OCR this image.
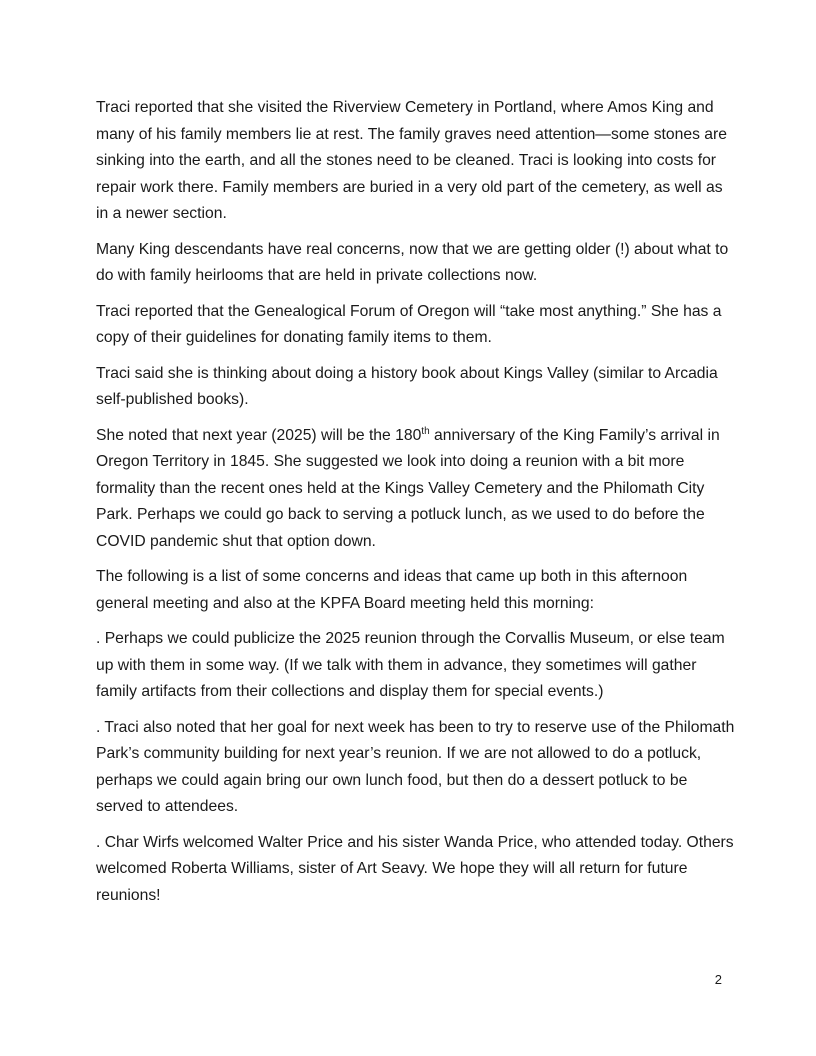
Traci reported that she visited the Riverview Cemetery in Portland, where Amos King and many of his family members lie at rest. The family graves need attention—some stones are sinking into the earth, and all the stones need to be cleaned. Traci is looking into costs for repair work there. Family members are buried in a very old part of the cemetery, as well as in a newer section.

Many King descendants have real concerns, now that we are getting older (!) about what to do with family heirlooms that are held in private collections now.

Traci reported that the Genealogical Forum of Oregon will “take most anything.” She has a copy of their guidelines for donating family items to them.

Traci said she is thinking about doing a history book about Kings Valley (similar to Arcadia self-published books).

She noted that next year (2025) will be the 180th anniversary of the King Family’s arrival in Oregon Territory in 1845. She suggested we look into doing a reunion with a bit more formality than the recent ones held at the Kings Valley Cemetery and the Philomath City Park. Perhaps we could go back to serving a potluck lunch, as we used to do before the COVID pandemic shut that option down.

The following is a list of some concerns and ideas that came up both in this afternoon general meeting and also at the KPFA Board meeting held this morning:

. Perhaps we could publicize the 2025 reunion through the Corvallis Museum, or else team up with them in some way. (If we talk with them in advance, they sometimes will gather family artifacts from their collections and display them for special events.)

. Traci also noted that her goal for next week has been to try to reserve use of the Philomath Park’s community building for next year’s reunion. If we are not allowed to do a potluck, perhaps we could again bring our own lunch food, but then do a dessert potluck to be served to attendees.

. Char Wirfs welcomed Walter Price and his sister Wanda Price, who attended today. Others welcomed Roberta Williams, sister of Art Seavy. We hope they will all return for future reunions!

2
